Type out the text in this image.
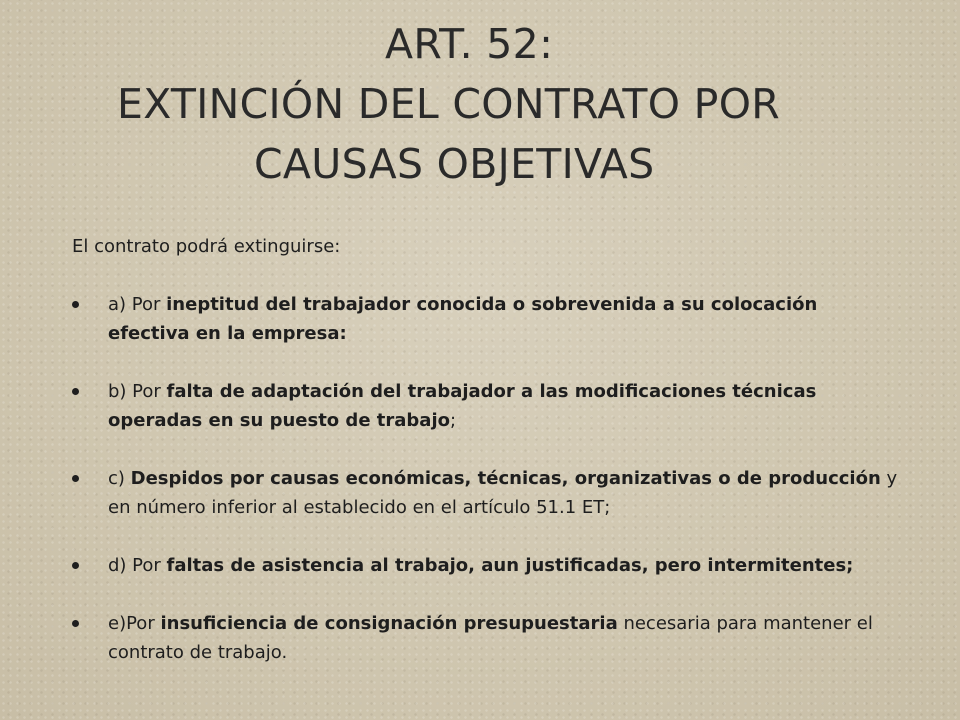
ART. 52:
EXTINCIÓN DEL CONTRATO POR
CAUSAS OBJETIVAS

El contrato podrá extinguirse:

a) Por ineptitud del trabajador conocida o sobrevenida a su colocación efectiva en la empresa:
b) Por falta de adaptación del trabajador a las modificaciones técnicas operadas en su puesto de trabajo;
c) Despidos por causas económicas, técnicas, organizativas o de producción y en número inferior al establecido en el artículo 51.1 ET;
d) Por faltas de asistencia al trabajo, aun justificadas, pero intermitentes;
e)Por insuficiencia de consignación presupuestaria necesaria para mantener el contrato de trabajo.
